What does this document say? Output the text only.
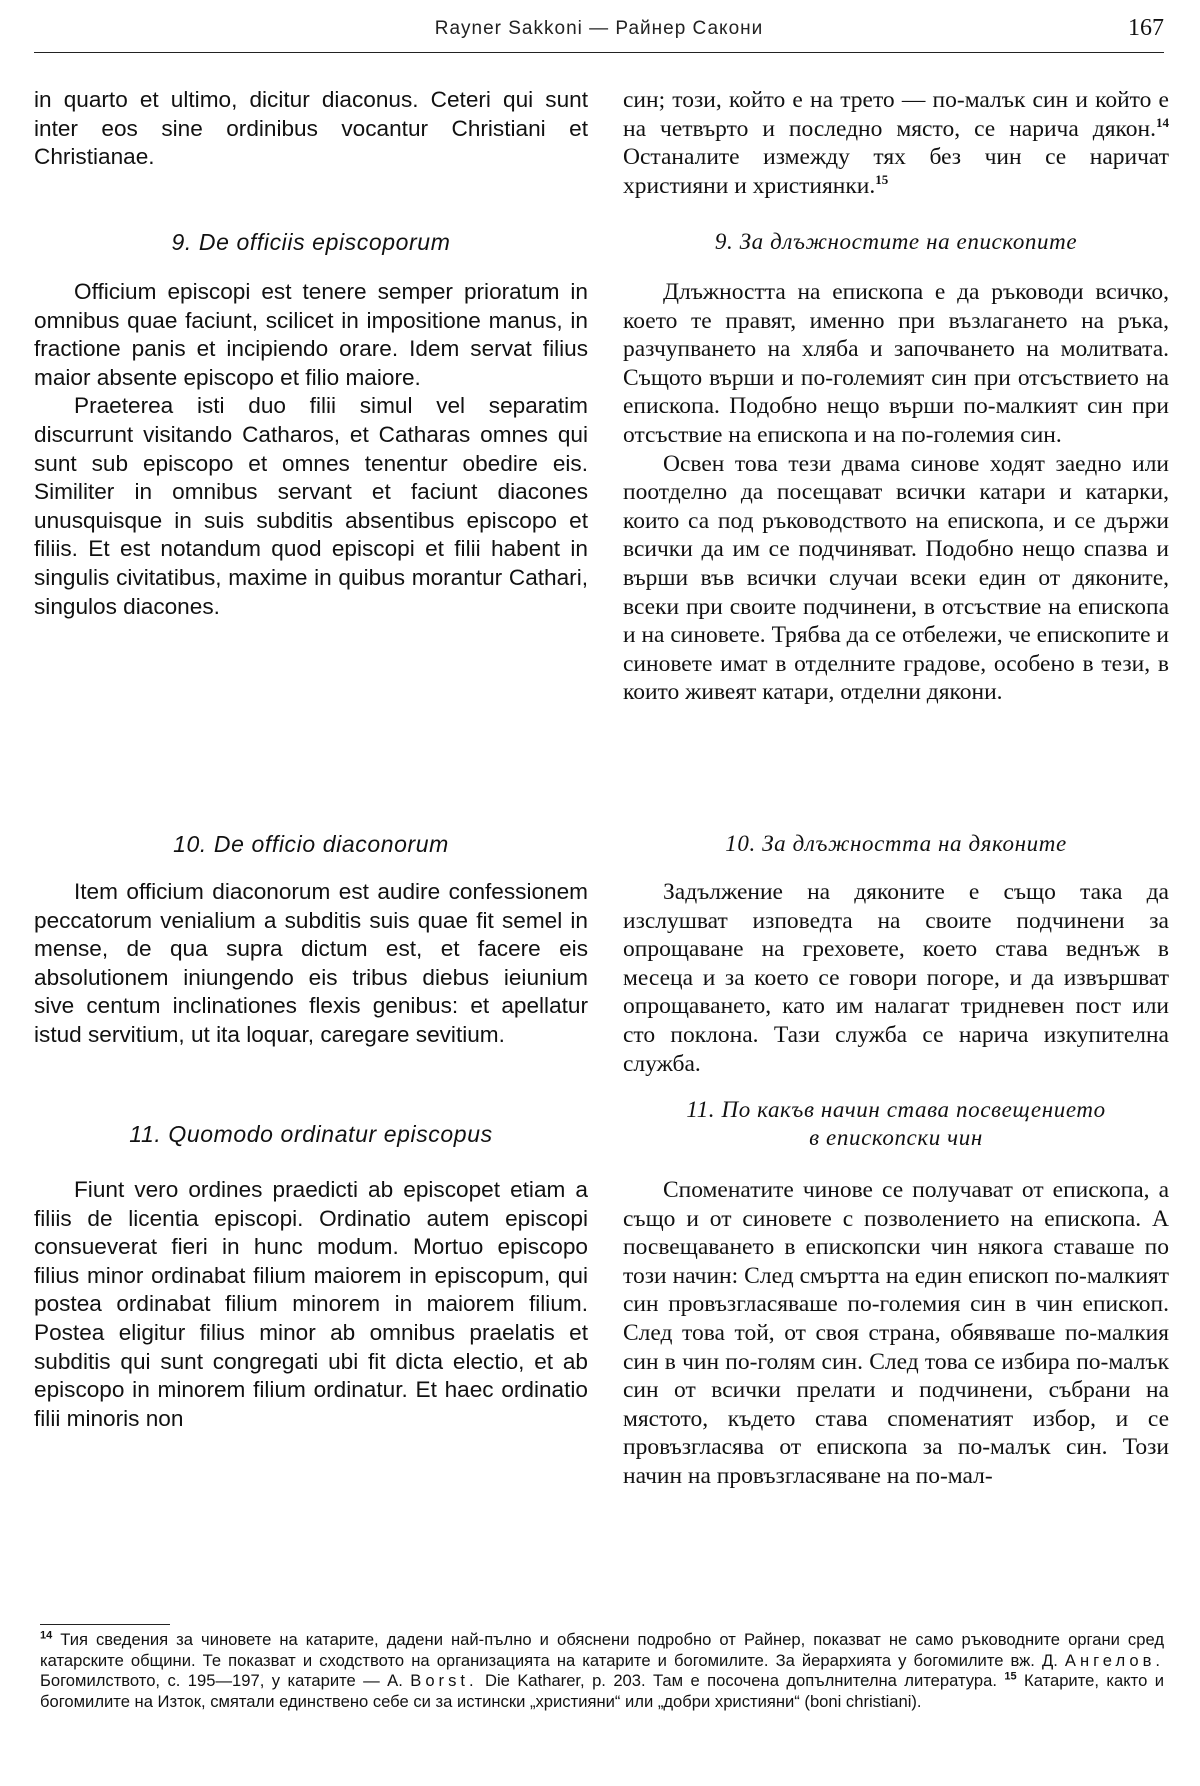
Rayner Sakkoni — Райнер Сакони	167

in quarto et ultimo, dicitur diaconus. Ceteri qui sunt inter eos sine ordinibus vocantur Christiani et Christianae.

9. De officiis episcoporum

Officium episcopi est tenere semper prioratum in omnibus quae faciunt, scilicet in impositione manus, in fractione panis et incipiendo orare. Idem servat filius maior absente episcopo et filio maiore.

Praeterea isti duo filii simul vel separatim discurrunt visitando Catharos, et Catharas omnes qui sunt sub episcopo et omnes tenentur obedire eis. Similiter in omnibus servant et faciunt diacones unusquisque in suis subditis absentibus episcopo et filiis. Et est notandum quod episcopi et filii habent in singulis civitatibus, maxime in quibus morantur Cathari, singulos diacones.

10. De officio diaconorum

Item officium diaconorum est audire confessionem peccatorum venialium a subditis suis quae fit semel in mense, de qua supra dictum est, et facere eis absolutionem iniungendo eis tribus diebus ieiunium sive centum inclinationes flexis genibus: et apellatur istud servitium, ut ita loquar, caregare sevitium.

11. Quomodo ordinatur episcopus

Fiunt vero ordines praedicti ab episcopet etiam a filiis de licentia episcopi. Ordinatio autem episcopi consueverat fieri in hunc modum. Mortuo episcopo filius minor ordinabat filium maiorem in episcopum, qui postea ordinabat filium minorem in maiorem filium. Postea eligitur filius minor ab omnibus praelatis et subditis qui sunt congregati ubi fit dicta electio, et ab episcopo in minorem filium ordinatur. Et haec ordinatio filii minoris non

син; този, който е на трето — по-малък син и който е на четвърто и последно място, се нарича дякон.$^{14}$ Останалите измежду тях без чин се наричат християни и християнки.$^{15}$

9. За длъжностите на епископите

Длъжността на епископа е да ръководи всичко, което те правят, именно при възлагането на ръка, разчупването на хляба и започването на молитвата. Същото върши и по-големият син при отсъствието на епископа. Подобно нещо върши по-малкият син при отсъствие на епископа и на по-големия син.

Освен това тези двама синове ходят заедно или поотделно да посещават всички катари и катарки, които са под ръководството на епископа, и се държи всички да им се подчиняват. Подобно нещо спазва и върши във всички случаи всеки един от дяконите, всеки при своите подчинени, в отсъствие на епископа и на синовете. Трябва да се отбележи, че епископите и синовете имат в отделните градове, особено в тези, в които живеят катари, отделни дякони.

10. За длъжността на дяконите

Задължение на дяконите е също така да изслушват изповедта на своите подчинени за опрощаване на греховете, което става веднъж в месеца и за което се говори погоре, и да извършват опрощаването, като им налагат тридневен пост или сто поклона. Тази служба се нарича изкупителна служба.

11. По какъв начин става посвещението
в епископски чин

Споменатите чинове се получават от епископа, а също и от синовете с позволението на епископа. А посвещаването в епископски чин някога ставаше по този начин: След смъртта на един епископ по-малкият син провъзгласяваше по-големия син в чин епископ. След това той, от своя страна, обявяваше по-малкия син в чин по-голям син. След това се избира по-малък син от всички прелати и подчинени, събрани на мястото, където става споменатият избор, и се провъзгласява от епископа за по-малък син. Този начин на провъзгласяване на по-мал-

$^{14}$ Тия сведения за чиновете на катарите, дадени най-пълно и обяснени подробно от Райнер, показват не само ръководните органи сред катарските общини. Те показват и сходството на организацията на катарите и богомилите. За йерархията у богомилите вж. Д. Ангелов. Богомилството, с. 195—197, у катарите — А. Borst. Die Katharer, p. 203. Там е посочена допълнителна литература. $^{15}$ Катарите, както и богомилите на Изток, смятали единствено себе си за истински „християни“ или „добри християни“ (boni christiani).
